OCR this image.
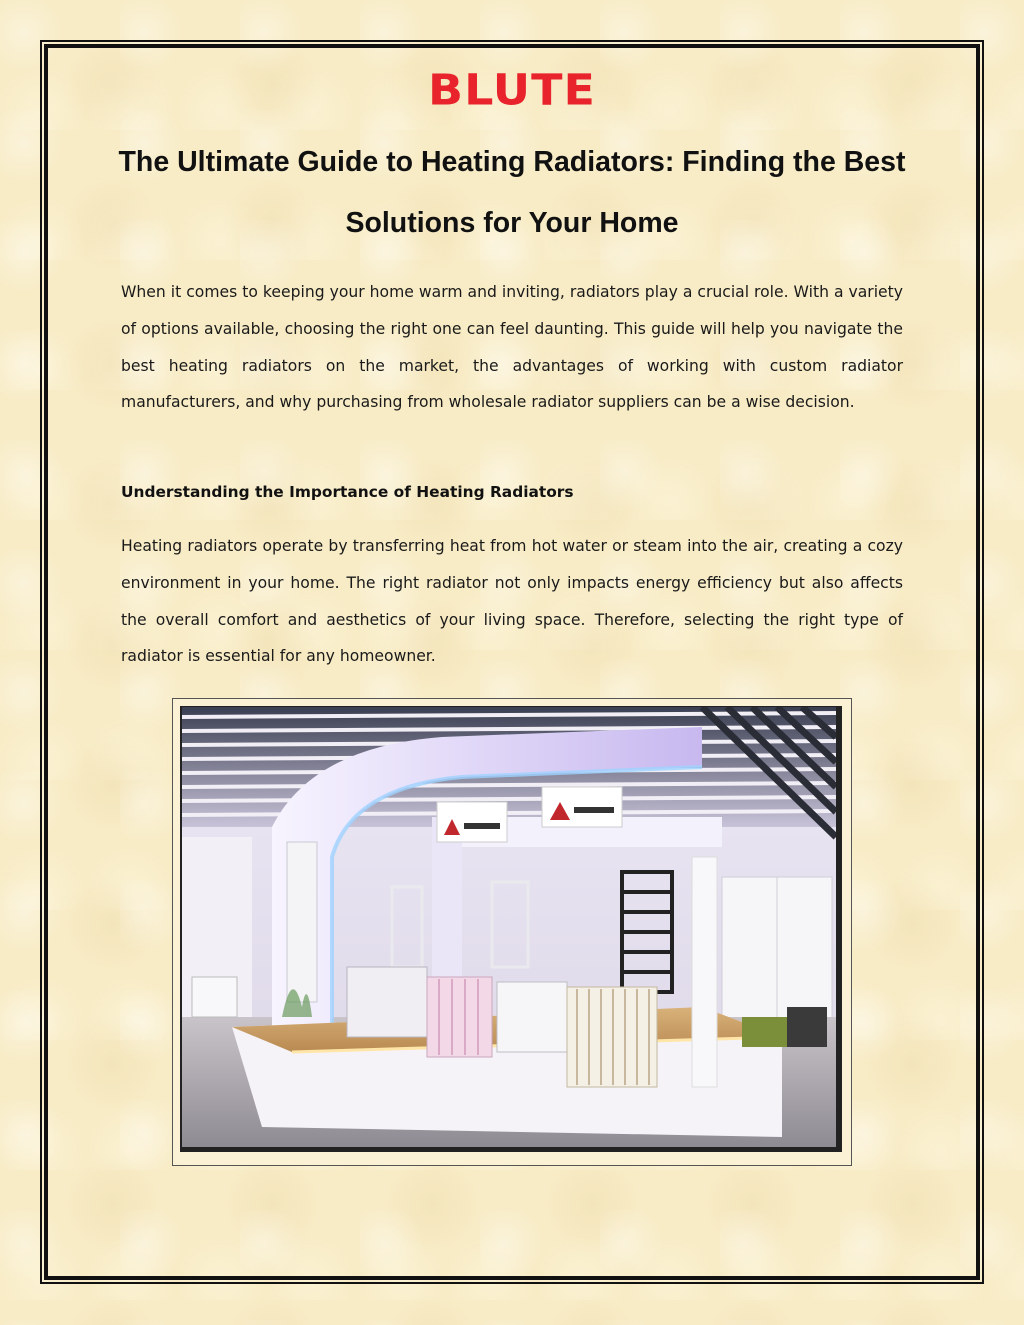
BLUTE
The Ultimate Guide to Heating Radiators: Finding the Best Solutions for Your Home

When it comes to keeping your home warm and inviting, radiators play a crucial role. With a variety of options available, choosing the right one can feel daunting. This guide will help you navigate the best heating radiators on the market, the advantages of working with custom radiator manufacturers, and why purchasing from wholesale radiator suppliers can be a wise decision.

Understanding the Importance of Heating Radiators

Heating radiators operate by transferring heat from hot water or steam into the air, creating a cozy environment in your home. The right radiator not only impacts energy efficiency but also affects the overall comfort and aesthetics of your living space. Therefore, selecting the right type of radiator is essential for any homeowner.
